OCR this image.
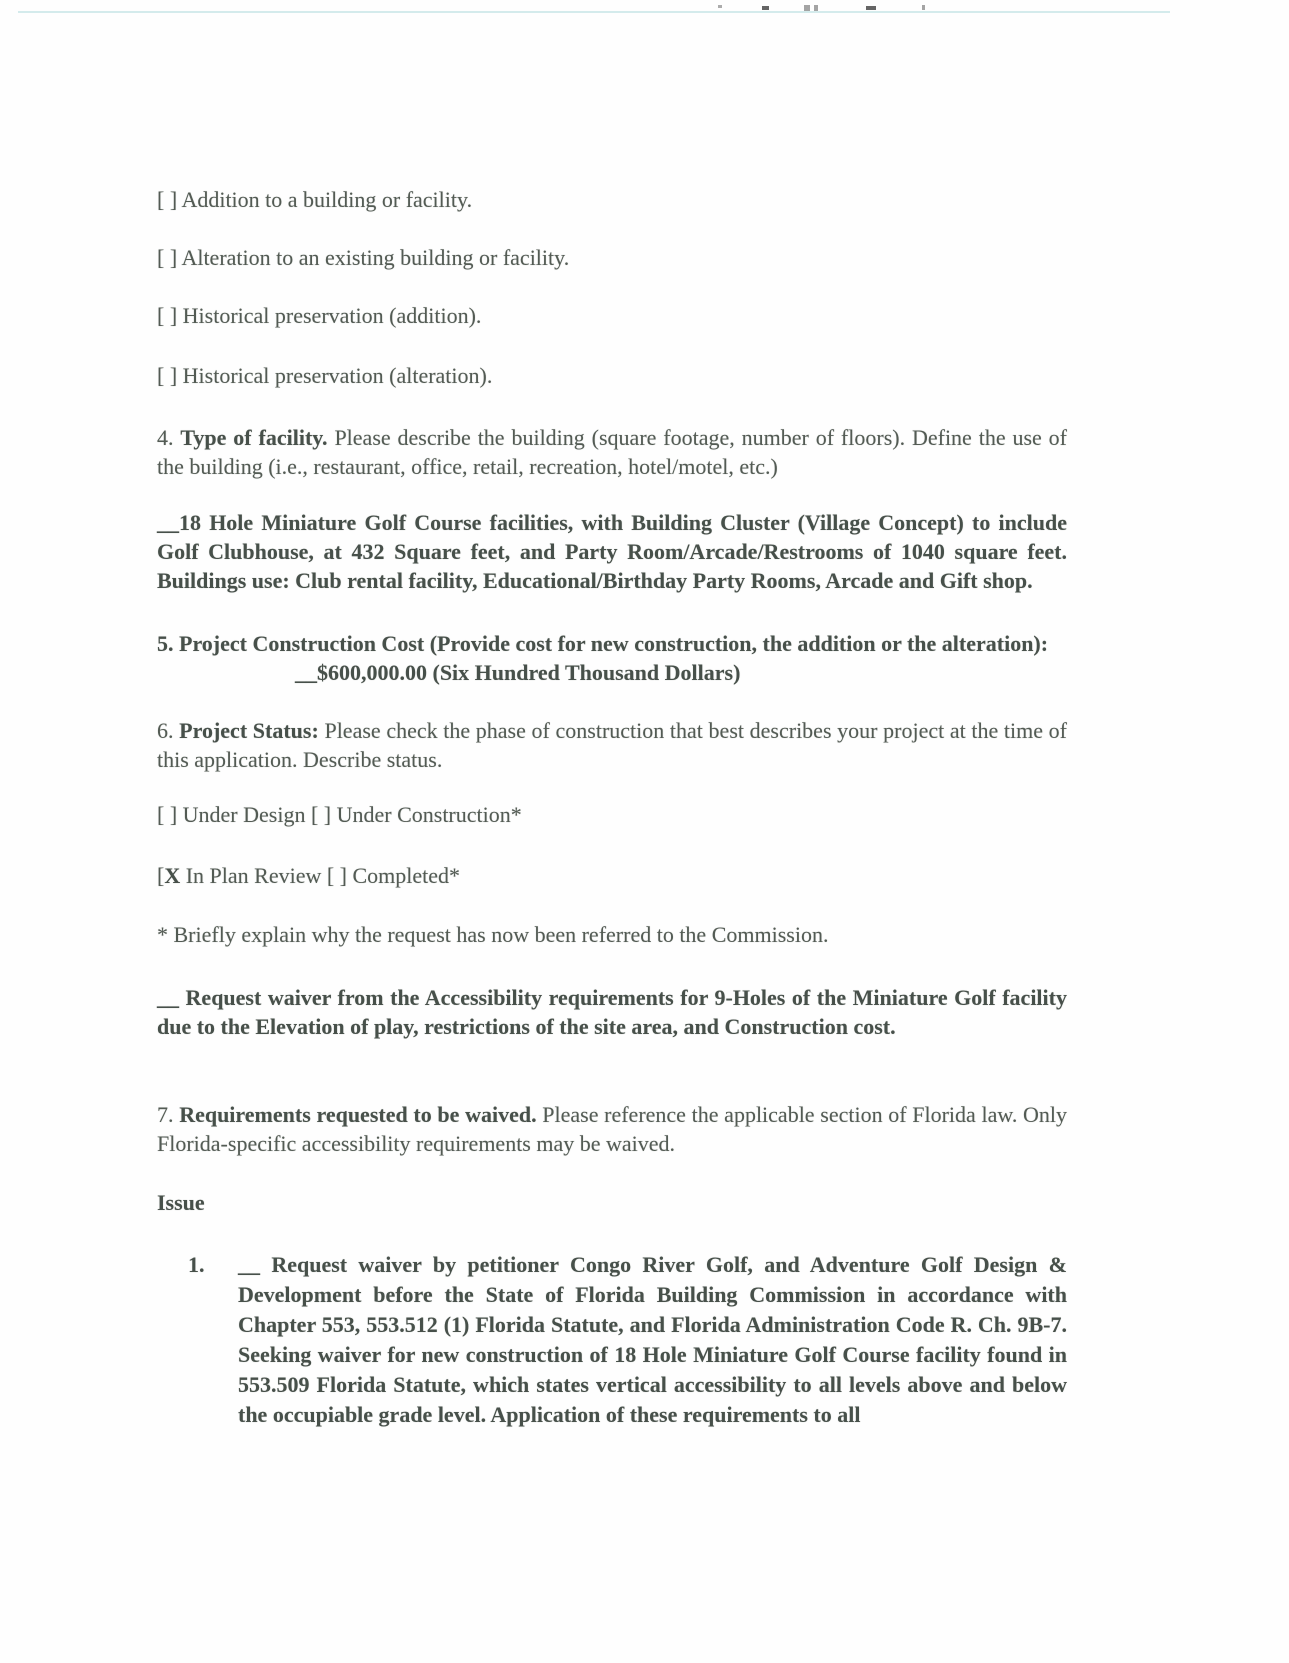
[ ] Addition to a building or facility.

[ ] Alteration to an existing building or facility.

[ ] Historical preservation (addition).

[ ] Historical preservation (alteration).

4. Type of facility. Please describe the building (square footage, number of floors). Define the use of the building (i.e., restaurant, office, retail, recreation, hotel/motel, etc.)

__18 Hole Miniature Golf Course facilities, with Building Cluster (Village Concept) to include Golf Clubhouse, at 432 Square feet, and Party Room/Arcade/Restrooms of 1040 square feet. Buildings use: Club rental facility, Educational/Birthday Party Rooms, Arcade and Gift shop.

5. Project Construction Cost (Provide cost for new construction, the addition or the alteration):

__$600,000.00 (Six Hundred Thousand Dollars)

6. Project Status: Please check the phase of construction that best describes your project at the time of this application. Describe status.

[ ] Under Design [ ] Under Construction*

[X In Plan Review [ ] Completed*

* Briefly explain why the request has now been referred to the Commission.

__ Request waiver from the Accessibility requirements for 9-Holes of the Miniature Golf facility due to the Elevation of play, restrictions of the site area, and Construction cost.

7. Requirements requested to be waived. Please reference the applicable section of Florida law. Only Florida-specific accessibility requirements may be waived.

Issue

1.	__ Request waiver by petitioner Congo River Golf, and Adventure Golf Design & Development before the State of Florida Building Commission in accordance with Chapter 553, 553.512 (1) Florida Statute, and Florida Administration Code R. Ch. 9B-7. Seeking waiver for new construction of 18 Hole Miniature Golf Course facility found in 553.509 Florida Statute, which states vertical accessibility to all levels above and below the occupiable grade level. Application of these requirements to all
